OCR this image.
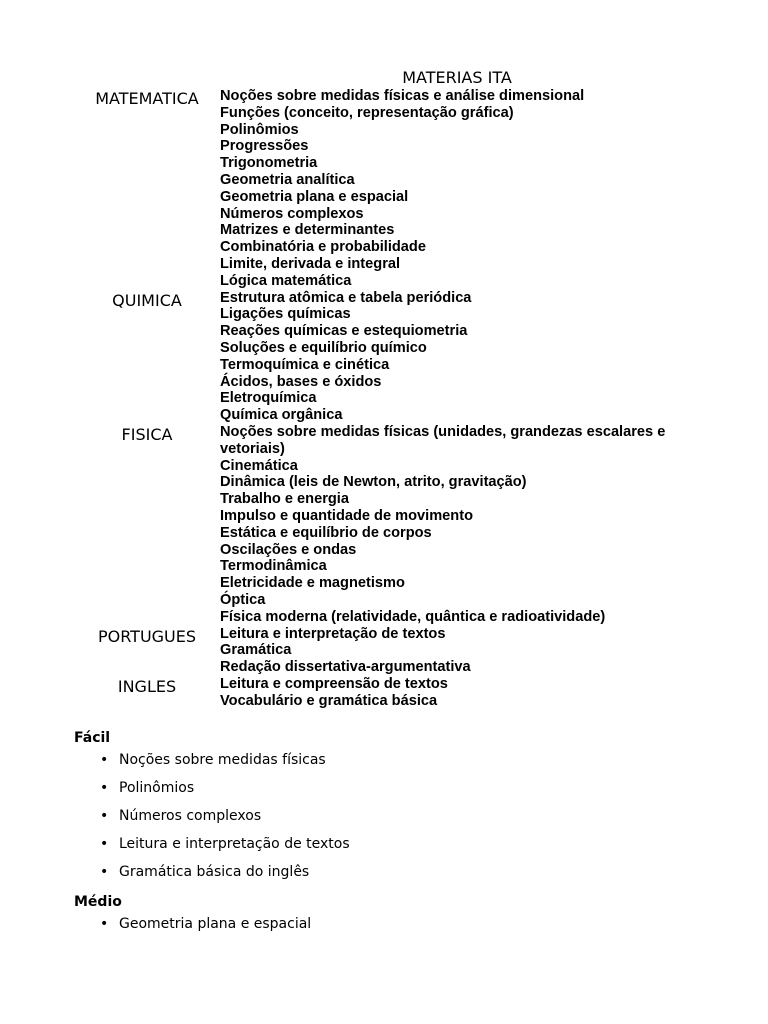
MATERIAS ITA
MATEMATICA	Noções sobre medidas físicas e análise dimensional
Funções (conceito, representação gráfica)
Polinômios
Progressões
Trigonometria
Geometria analítica
Geometria plana e espacial
Números complexos
Matrizes e determinantes
Combinatória e probabilidade
Limite, derivada e integral
Lógica matemática
QUIMICA	Estrutura atômica e tabela periódica
Ligações químicas
Reações químicas e estequiometria
Soluções e equilíbrio químico
Termoquímica e cinética
Ácidos, bases e óxidos
Eletroquímica
Química orgânica
FISICA	Noções sobre medidas físicas (unidades, grandezas escalares e vetoriais)
Cinemática
Dinâmica (leis de Newton, atrito, gravitação)
Trabalho e energia
Impulso e quantidade de movimento
Estática e equilíbrio de corpos
Oscilações e ondas
Termodinâmica
Eletricidade e magnetismo
Óptica
Física moderna (relatividade, quântica e radioatividade)
PORTUGUES	Leitura e interpretação de textos
Gramática
Redação dissertativa-argumentativa
INGLES	Leitura e compreensão de textos
Vocabulário e gramática básica

Fácil

• Noções sobre medidas físicas
• Polinômios
• Números complexos
• Leitura e interpretação de textos
• Gramática básica do inglês

Médio

• Geometria plana e espacial
